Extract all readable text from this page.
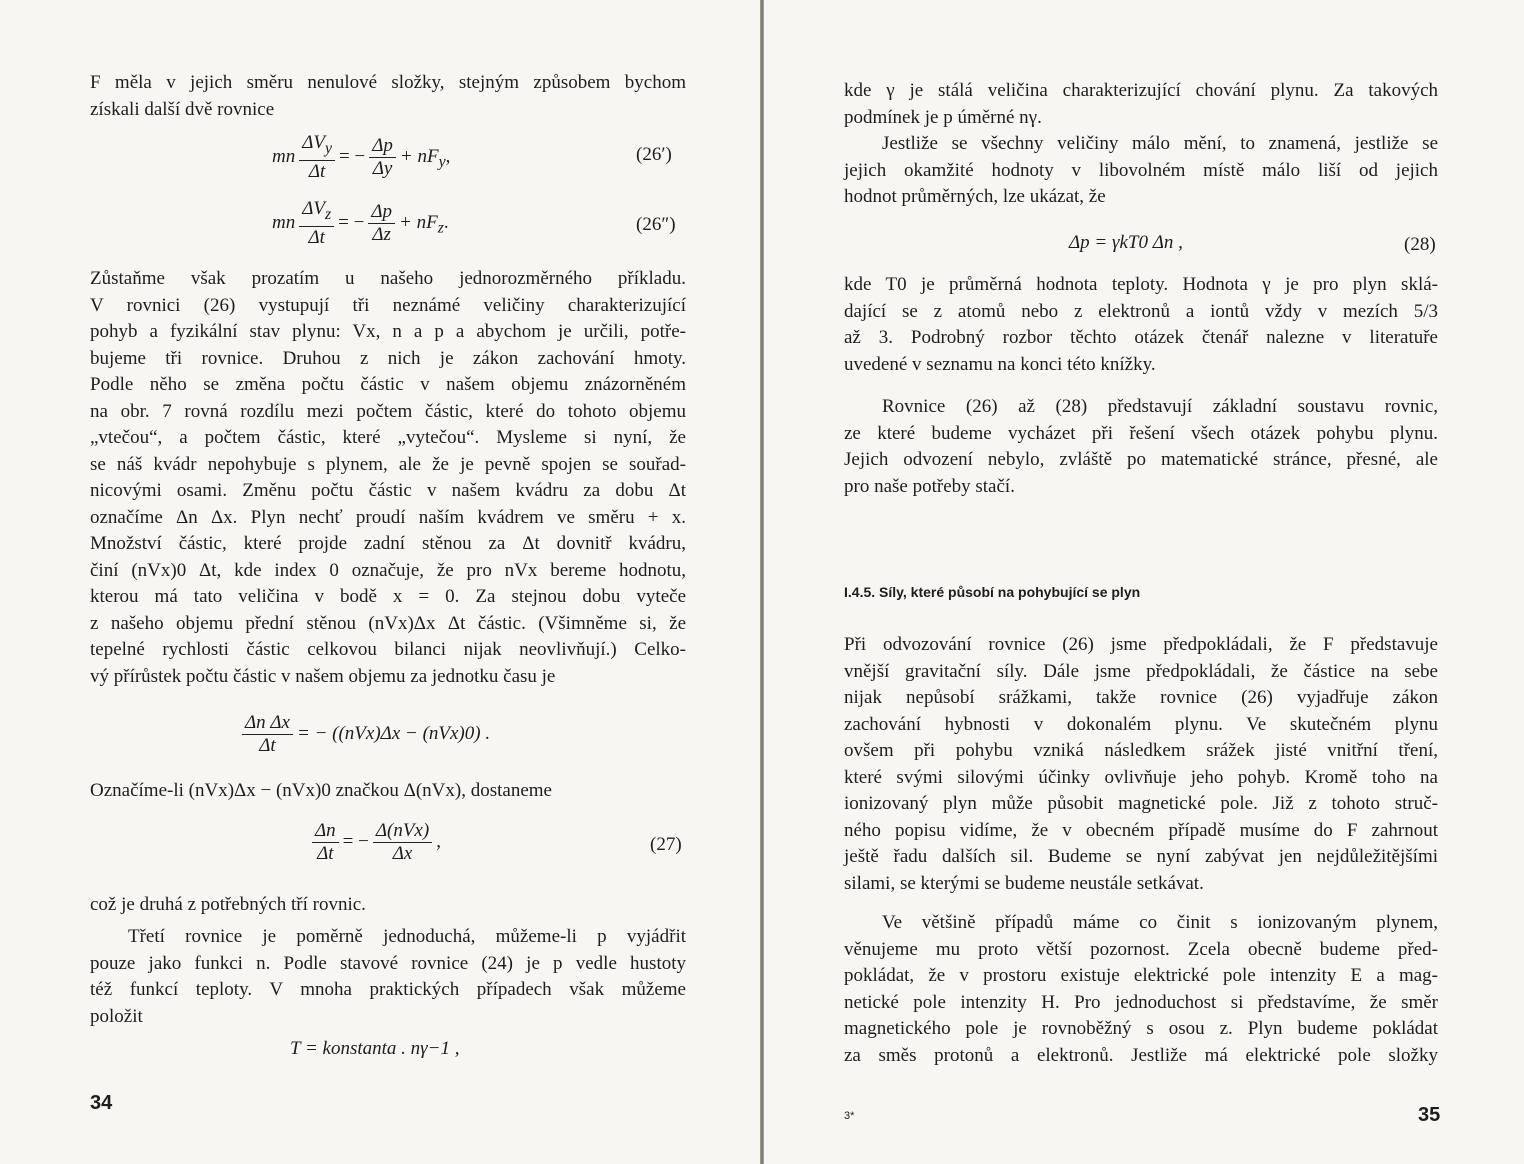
F měla v jejich směru nenulové složky, stejným způsobem bychom

získali další dvě rovnice

mn $\frac{\Delta V_y}{\Delta t}$ = − $\frac{\Delta p}{\Delta y} + nF_y$,	(26′)
mn $\frac{\Delta V_z}{\Delta t}$ = − $\frac{\Delta p}{\Delta z} + nF_z$.	(26″)

Zůstaňme však prozatím u našeho jednorozměrného příkladu.

V rovnici (26) vystupují tři neznámé veličiny charakterizující

pohyb a fyzikální stav plynu: Vx, n a p a abychom je určili, potře-

bujeme tři rovnice. Druhou z nich je zákon zachování hmoty.

Podle něho se změna počtu částic v našem objemu znázorněném

na obr. 7 rovná rozdílu mezi počtem částic, které do tohoto objemu

„vtečou“, a počtem částic, které „vytečou“. Mysleme si nyní, že

se náš kvádr nepohybuje s plynem, ale že je pevně spojen se souřad-

nicovými osami. Změnu počtu částic v našem kvádru za dobu Δt

označíme Δn Δx. Plyn nechť proudí naším kvádrem ve směru + x.

Množství částic, které projde zadní stěnou za Δt dovnitř kvádru,

činí (nVx)0 Δt, kde index 0 označuje, že pro nVx bereme hodnotu,

kterou má tato veličina v bodě x = 0. Za stejnou dobu vyteče

z našeho objemu přední stěnou (nVx)Δx Δt částic. (Všimněme si, že

tepelné rychlosti částic celkovou bilanci nijak neovlivňují.) Celko-

vý přírůstek počtu částic v našem objemu za jednotku času je

$\frac{\text{Δn Δx}}{\Delta t}$ = − ((nVx)Δx − (nVx)0) .

Označíme-li (nVx)Δx − (nVx)0 značkou Δ(nVx), dostaneme

$\frac{\Delta n}{\Delta t}$ = − $\frac{\text{Δ(nVx)}}{\Delta x}$ ,	(27)

což je druhá z potřebných tří rovnic.

Třetí rovnice je poměrně jednoduchá, můžeme-li p vyjádřit

pouze jako funkci n. Podle stavové rovnice (24) je p vedle hustoty

též funkcí teploty. V mnoha praktických případech však můžeme

položit

T = konstanta . nγ−1 ,
34

kde γ je stálá veličina charakterizující chování plynu. Za takových

podmínek je p úměrné nγ.

Jestliže se všechny veličiny málo mění, to znamená, jestliže se

jejich okamžité hodnoty v libovolném místě málo liší od jejich

hodnot průměrných, lze ukázat, že

Δp = γkT0 Δn ,	(28)

kde T0 je průměrná hodnota teploty. Hodnota γ je pro plyn sklá-

dající se z atomů nebo z elektronů a iontů vždy v mezích 5/3

až 3. Podrobný rozbor těchto otázek čtenář nalezne v literatuře

uvedené v seznamu na konci této knížky.

Rovnice (26) až (28) představují základní soustavu rovnic,

ze které budeme vycházet při řešení všech otázek pohybu plynu.

Jejich odvození nebylo, zvláště po matematické stránce, přesné, ale

pro naše potřeby stačí.

I.4.5. Síly, které působí na pohybující se plyn

Při odvozování rovnice (26) jsme předpokládali, že F představuje

vnější gravitační síly. Dále jsme předpokládali, že částice na sebe

nijak nepůsobí srážkami, takže rovnice (26) vyjadřuje zákon

zachování hybnosti v dokonalém plynu. Ve skutečném plynu

ovšem při pohybu vzniká následkem srážek jisté vnitřní tření,

které svými silovými účinky ovlivňuje jeho pohyb. Kromě toho na

ionizovaný plyn může působit magnetické pole. Již z tohoto struč-

ného popisu vidíme, že v obecném případě musíme do F zahrnout

ještě řadu dalších sil. Budeme se nyní zabývat jen nejdůležitějšími

silami, se kterými se budeme neustále setkávat.

Ve většině případů máme co činit s ionizovaným plynem,

věnujeme mu proto větší pozornost. Zcela obecně budeme před-

pokládat, že v prostoru existuje elektrické pole intenzity E a mag-

netické pole intenzity H. Pro jednoduchost si představíme, že směr

magnetického pole je rovnoběžný s osou z. Plyn budeme pokládat

za směs protonů a elektronů. Jestliže má elektrické pole složky

3*	35
